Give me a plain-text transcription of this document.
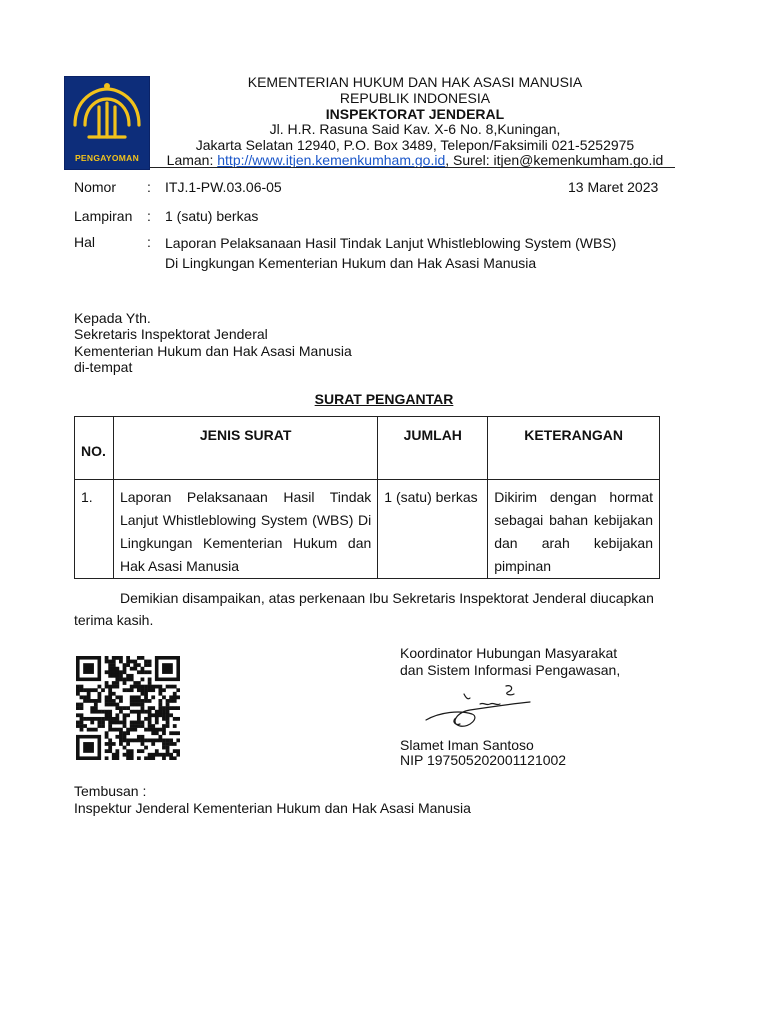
PENGAYOMAN
KEMENTERIAN HUKUM DAN HAK ASASI MANUSIA
REPUBLIK INDONESIA
INSPEKTORAT JENDERAL
Jl. H.R. Rasuna Said Kav. X-6 No. 8,Kuningan,
Jakarta Selatan 12940, P.O. Box 3489, Telepon/Faksimili 021-5252975
Laman: http://www.itjen.kemenkumham.go.id, Surel: itjen@kemenkumham.go.id
Nomor : ITJ.1-PW.03.06-05	13 Maret 2023
Lampiran : 1 (satu) berkas
Hal	: Laporan Pelaksanaan Hasil Tindak Lanjut Whistleblowing System (WBS)
Di Lingkungan Kementerian Hukum dan Hak Asasi Manusia
Kepada Yth.
Sekretaris Inspektorat Jenderal
Kementerian Hukum dan Hak Asasi Manusia
di-tempat
SURAT PENGANTAR
NO.	JENIS SURAT	JUMLAH	KETERANGAN
1.	Laporan Pelaksanaan Hasil Tindak Lanjut Whistleblowing System (WBS) Di Lingkungan Kementerian Hukum dan Hak Asasi Manusia	1 (satu) berkas	Dikirim dengan hormat sebagai bahan kebijakan dan arah kebijakan pimpinan
Demikian disampaikan, atas perkenaan Ibu Sekretaris Inspektorat Jenderal diucapkan
terima kasih.
Koordinator Hubungan Masyarakat
dan Sistem Informasi Pengawasan,
Slamet Iman Santoso
NIP 197505202001121002
Tembusan :
Inspektur Jenderal Kementerian Hukum dan Hak Asasi Manusia
